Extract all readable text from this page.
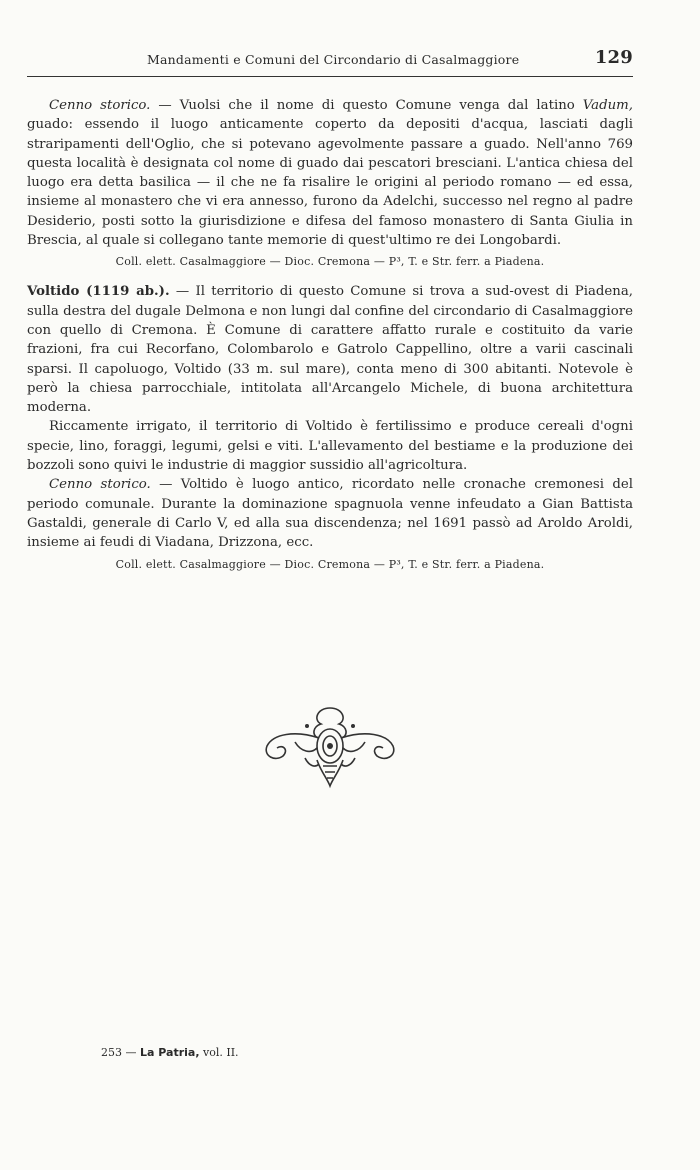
Mandamenti e Comuni del Circondario di Casalmaggiore	129

Cenno storico. — Vuolsi che il nome di questo Comune venga dal latino Vadum, guado: essendo il luogo anticamente coperto da depositi d'acqua, lasciati dagli straripamenti dell'Oglio, che si potevano agevolmente passare a guado. Nell'anno 769 questa località è designata col nome di guado dai pescatori bresciani. L'antica chiesa del luogo era detta basilica — il che ne fa risalire le origini al periodo romano — ed essa, insieme al monastero che vi era annesso, furono da Adelchi, successo nel regno al padre Desiderio, posti sotto la giurisdizione e difesa del famoso monastero di Santa Giulia in Brescia, al quale si collegano tante memorie di quest'ultimo re dei Longobardi.

Coll. elett. Casalmaggiore — Dioc. Cremona — P³, T. e Str. ferr. a Piadena.

Voltido (1119 ab.). — Il territorio di questo Comune si trova a sud-ovest di Piadena, sulla destra del dugale Delmona e non lungi dal confine del circondario di Casalmaggiore con quello di Cremona. È Comune di carattere affatto rurale e costituito da varie frazioni, fra cui Recorfano, Colombarolo e Gatrolo Cappellino, oltre a varii cascinali sparsi. Il capoluogo, Voltido (33 m. sul mare), conta meno di 300 abitanti. Notevole è però la chiesa parrocchiale, intitolata all'Arcangelo Michele, di buona architettura moderna.

Riccamente irrigato, il territorio di Voltido è fertilissimo e produce cereali d'ogni specie, lino, foraggi, legumi, gelsi e viti. L'allevamento del bestiame e la produzione dei bozzoli sono quivi le industrie di maggior sussidio all'agricoltura.

Cenno storico. — Voltido è luogo antico, ricordato nelle cronache cremonesi del periodo comunale. Durante la dominazione spagnuola venne infeudato a Gian Battista Gastaldi, generale di Carlo V, ed alla sua discendenza; nel 1691 passò ad Aroldo Aroldi, insieme ai feudi di Viadana, Drizzona, ecc.

Coll. elett. Casalmaggiore — Dioc. Cremona — P³, T. e Str. ferr. a Piadena.
253 — La Patria, vol. II.
